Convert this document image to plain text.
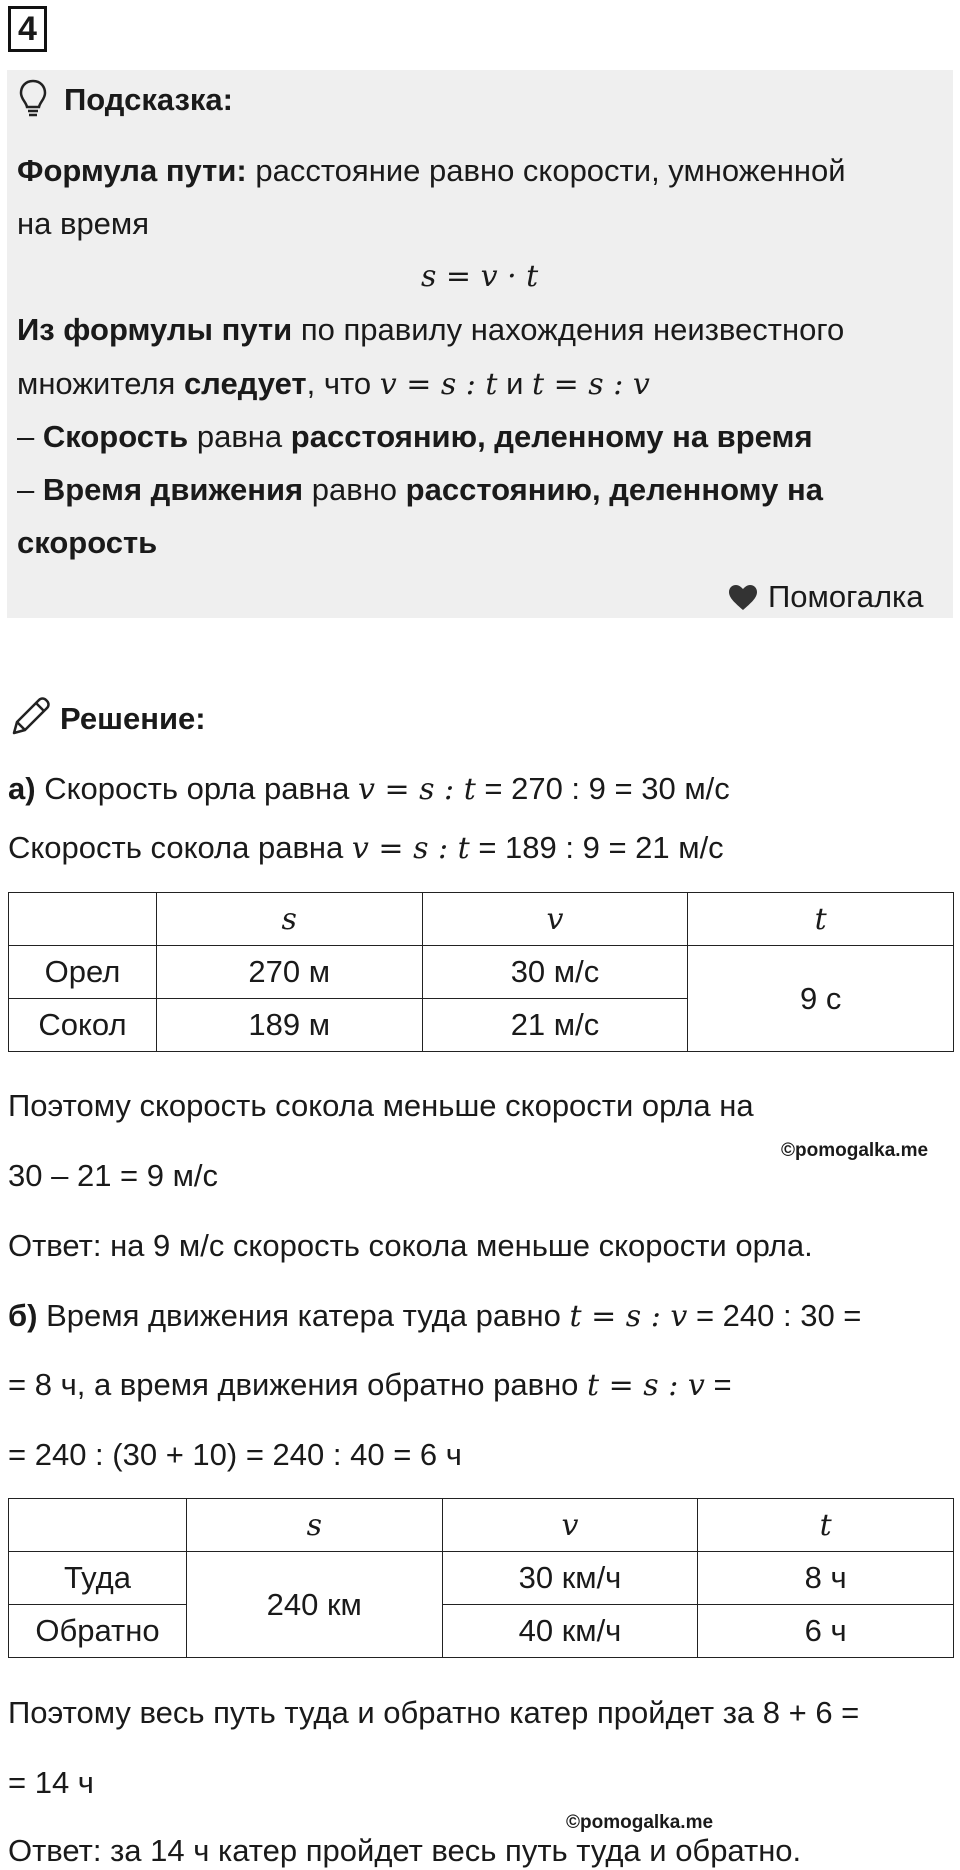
4
Подсказка:
Формула пути: расстояние равно скорости, умноженной
на время
s = v · t
Из формулы пути по правилу нахождения неизвестного
множителя следует, что v = s : t и t = s : v
– Скорость равна расстоянию, деленному на время
– Время движения равно расстоянию, деленному на
скорость
Помогалка
Решение:
а) Скорость орла равна v = s : t = 270 : 9 = 30 м/с
Скорость сокола равна v = s : t = 189 : 9 = 21 м/с
	s	v	t
Орел	270 м	30 м/с	9 с
Сокол	189 м	21 м/с	
Поэтому скорость сокола меньше скорости орла на
30 – 21 = 9 м/с
©pomogalka.me
Ответ: на 9 м/с скорость сокола меньше скорости орла.
б) Время движения катера туда равно t = s : v = 240 : 30 =
= 8 ч, а время движения обратно равно t = s : v =
= 240 : (30 + 10) = 240 : 40 = 6 ч
	s	v	t
Туда	240 км	30 км/ч	8 ч
Обратно		40 км/ч	6 ч
Поэтому весь путь туда и обратно катер пройдет за 8 + 6 =
= 14 ч
©pomogalka.me
Ответ: за 14 ч катер пройдет весь путь туда и обратно.
